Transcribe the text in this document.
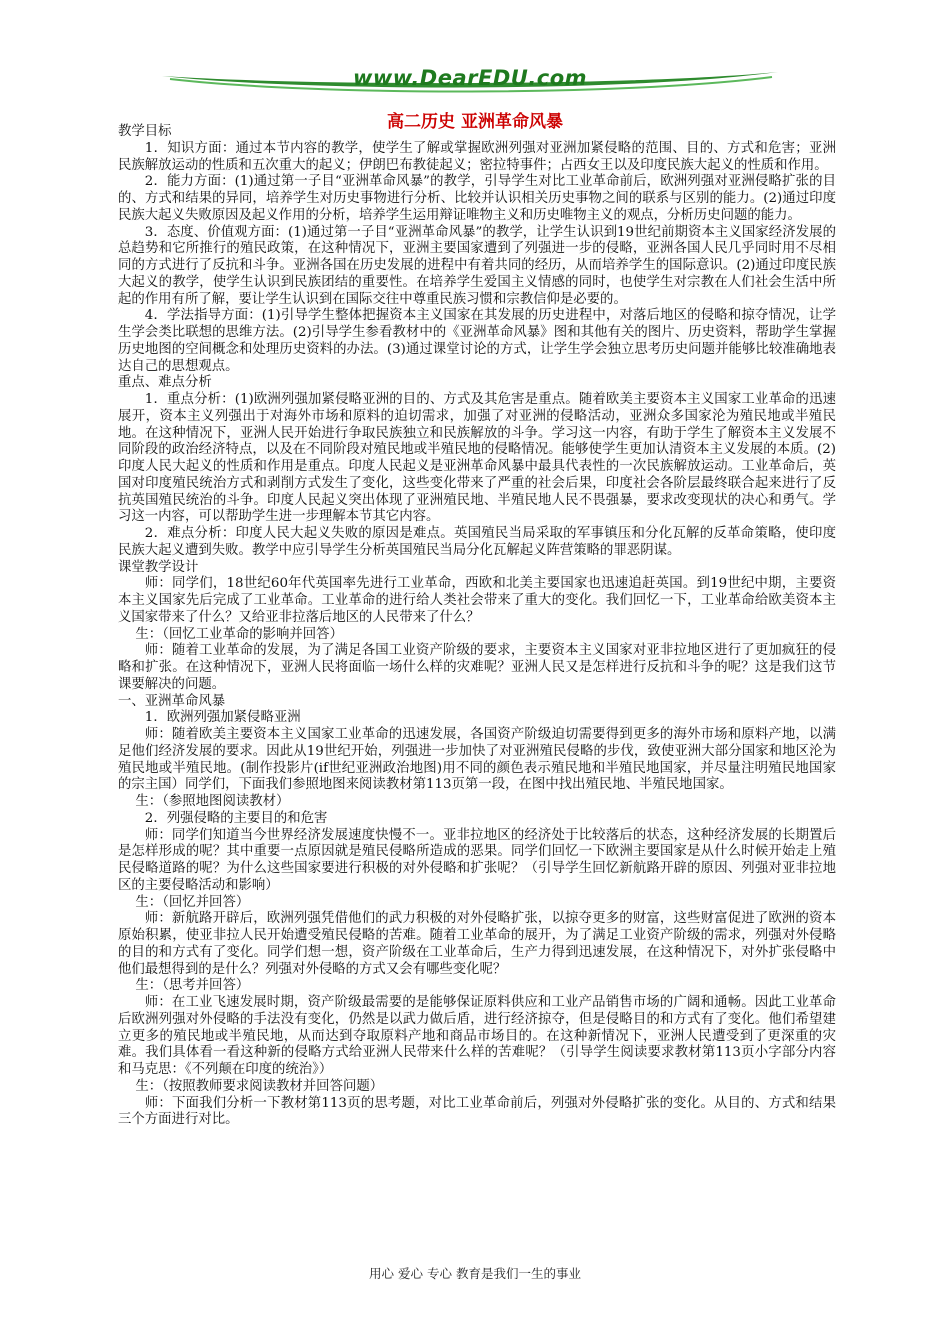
www.DearEDU.com
高二历史 亚洲革命风暴

教学目标

1．知识方面：通过本节内容的教学，使学生了解或掌握欧洲列强对亚洲加紧侵略的范围、目的、方式和危害；亚洲民族解放运动的性质和五次重大的起义；伊朗巴布教徒起义；密拉特事件；占西女王以及印度民族大起义的性质和作用。

2．能力方面：(1)通过第一子目“亚洲革命风暴”的教学，引导学生对比工业革命前后，欧洲列强对亚洲侵略扩张的目的、方式和结果的异同，培养学生对历史事物进行分析、比较并认识相关历史事物之间的联系与区别的能力。(2)通过印度民族大起义失败原因及起义作用的分析，培养学生运用辩证唯物主义和历史唯物主义的观点，分析历史问题的能力。

3．态度、价值观方面：(1)通过第一子目“亚洲革命风暴”的教学，让学生认识到19世纪前期资本主义国家经济发展的总趋势和它所推行的殖民政策，在这种情况下，亚洲主要国家遭到了列强进一步的侵略，亚洲各国人民几乎同时用不尽相同的方式进行了反抗和斗争。亚洲各国在历史发展的进程中有着共同的经历，从而培养学生的国际意识。(2)通过印度民族大起义的教学，使学生认识到民族团结的重要性。在培养学生爱国主义情感的同时，也使学生对宗教在人们社会生活中所起的作用有所了解，要让学生认识到在国际交往中尊重民族习惯和宗教信仰是必要的。

4．学法指导方面：(1)引导学生整体把握资本主义国家在其发展的历史进程中，对落后地区的侵略和掠夺情况，让学生学会类比联想的思维方法。(2)引导学生参看教材中的《亚洲革命风暴》图和其他有关的图片、历史资料，帮助学生掌握历史地图的空间概念和处理历史资料的办法。(3)通过课堂讨论的方式，让学生学会独立思考历史问题并能够比较准确地表达自己的思想观点。

重点、难点分析

1．重点分析：(1)欧洲列强加紧侵略亚洲的目的、方式及其危害是重点。随着欧美主要资本主义国家工业革命的迅速展开，资本主义列强出于对海外市场和原料的迫切需求，加强了对亚洲的侵略活动，亚洲众多国家沦为殖民地或半殖民地。在这种情况下，亚洲人民开始进行争取民族独立和民族解放的斗争。学习这一内容，有助于学生了解资本主义发展不同阶段的政治经济特点，以及在不同阶段对殖民地或半殖民地的侵略情况。能够使学生更加认清资本主义发展的本质。(2)印度人民大起义的性质和作用是重点。印度人民起义是亚洲革命风暴中最具代表性的一次民族解放运动。工业革命后，英国对印度殖民统治方式和剥削方式发生了变化，这些变化带来了严重的社会后果，印度社会各阶层最终联合起来进行了反抗英国殖民统治的斗争。印度人民起义突出体现了亚洲殖民地、半殖民地人民不畏强暴，要求改变现状的决心和勇气。学习这一内容，可以帮助学生进一步理解本节其它内容。

2．难点分析：印度人民大起义失败的原因是难点。英国殖民当局采取的军事镇压和分化瓦解的反革命策略，使印度民族大起义遭到失败。教学中应引导学生分析英国殖民当局分化瓦解起义阵营策略的罪恶阴谋。

课堂教学设计

师：同学们，18世纪60年代英国率先进行工业革命，西欧和北美主要国家也迅速追赶英国。到19世纪中期，主要资本主义国家先后完成了工业革命。工业革命的进行给人类社会带来了重大的变化。我们回忆一下，工业革命给欧美资本主义国家带来了什么？又给亚非拉落后地区的人民带来了什么？

生：（回忆工业革命的影响并回答）

师：随着工业革命的发展，为了满足各国工业资产阶级的要求，主要资本主义国家对亚非拉地区进行了更加疯狂的侵略和扩张。在这种情况下，亚洲人民将面临一场什么样的灾难呢？亚洲人民又是怎样进行反抗和斗争的呢？这是我们这节课要解决的问题。

一、亚洲革命风暴

1．欧洲列强加紧侵略亚洲

师：随着欧美主要资本主义国家工业革命的迅速发展，各国资产阶级迫切需要得到更多的海外市场和原料产地，以满足他们经济发展的要求。因此从19世纪开始，列强进一步加快了对亚洲殖民侵略的步伐，致使亚洲大部分国家和地区沦为殖民地或半殖民地。(制作投影片(if世纪亚洲政治地图)用不同的颜色表示殖民地和半殖民地国家，并尽量注明殖民地国家的宗主国）同学们，下面我们参照地图来阅读教材第113页第一段，在图中找出殖民地、半殖民地国家。

生：（参照地图阅读教材）

2．列强侵略的主要目的和危害

师：同学们知道当今世界经济发展速度快慢不一。亚非拉地区的经济处于比较落后的状态，这种经济发展的长期置后是怎样形成的呢？其中重要一点原因就是殖民侵略所造成的恶果。同学们回忆一下欧洲主要国家是从什么时候开始走上殖民侵略道路的呢？为什么这些国家要进行积极的对外侵略和扩张呢？（引导学生回忆新航路开辟的原因、列强对亚非拉地区的主要侵略活动和影响）

生：（回忆并回答）

师：新航路开辟后，欧洲列强凭借他们的武力积极的对外侵略扩张，以掠夺更多的财富，这些财富促进了欧洲的资本原始积累，使亚非拉人民开始遭受殖民侵略的苦难。随着工业革命的展开，为了满足工业资产阶级的需求，列强对外侵略的目的和方式有了变化。同学们想一想，资产阶级在工业革命后，生产力得到迅速发展，在这种情况下，对外扩张侵略中他们最想得到的是什么？列强对外侵略的方式又会有哪些变化呢？

生：（思考并回答）

师：在工业飞速发展时期，资产阶级最需要的是能够保证原料供应和工业产品销售市场的广阔和通畅。因此工业革命后欧洲列强对外侵略的手法没有变化，仍然是以武力做后盾，进行经济掠夺，但是侵略目的和方式有了变化。他们希望建立更多的殖民地或半殖民地，从而达到夺取原料产地和商品市场目的。在这种新情况下，亚洲人民遭受到了更深重的灾难。我们具体看一看这种新的侵略方式给亚洲人民带来什么样的苦难呢？（引导学生阅读要求教材第113页小字部分内容和马克思：《不列颠在印度的统治》）

生：（按照教师要求阅读教材并回答问题）

师：下面我们分析一下教材第113页的思考题，对比工业革命前后，列强对外侵略扩张的变化。从目的、方式和结果三个方面进行对比。

用心 爱心 专心 教育是我们一生的事业
